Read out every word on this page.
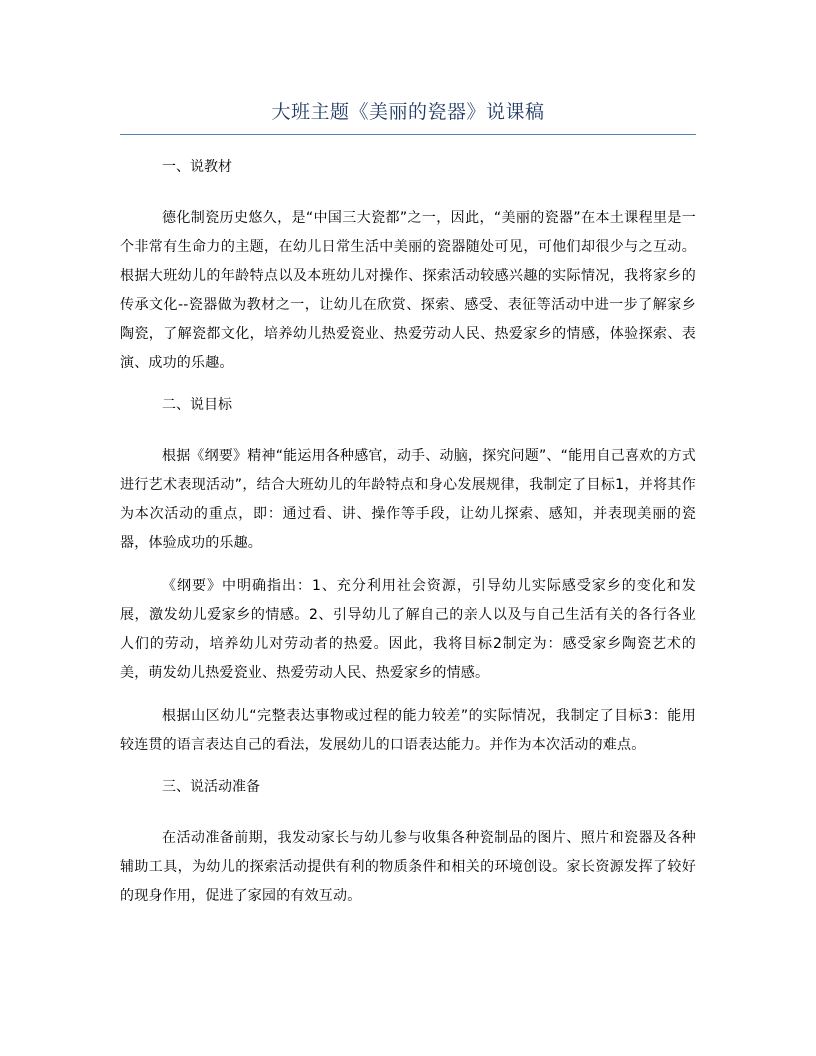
大班主题《美丽的瓷器》说课稿

一、说教材

德化制瓷历史悠久，是“中国三大瓷都”之一，因此，“美丽的瓷器”在本土课程里是一个非常有生命力的主题，在幼儿日常生活中美丽的瓷器随处可见，可他们却很少与之互动。根据大班幼儿的年龄特点以及本班幼儿对操作、探索活动较感兴趣的实际情况，我将家乡的传承文化--瓷器做为教材之一，让幼儿在欣赏、探索、感受、表征等活动中进一步了解家乡陶瓷，了解瓷都文化，培养幼儿热爱瓷业、热爱劳动人民、热爱家乡的情感，体验探索、表演、成功的乐趣。

二、说目标

根据《纲要》精神“能运用各种感官，动手、动脑，探究问题”、“能用自己喜欢的方式进行艺术表现活动”，结合大班幼儿的年龄特点和身心发展规律，我制定了目标1，并将其作为本次活动的重点，即：通过看、讲、操作等手段，让幼儿探索、感知，并表现美丽的瓷器，体验成功的乐趣。

《纲要》中明确指出：1、充分利用社会资源，引导幼儿实际感受家乡的变化和发展，激发幼儿爱家乡的情感。2、引导幼儿了解自己的亲人以及与自己生活有关的各行各业人们的劳动，培养幼儿对劳动者的热爱。因此，我将目标2制定为：感受家乡陶瓷艺术的美，萌发幼儿热爱瓷业、热爱劳动人民、热爱家乡的情感。

根据山区幼儿“完整表达事物或过程的能力较差”的实际情况，我制定了目标3：能用较连贯的语言表达自己的看法，发展幼儿的口语表达能力。并作为本次活动的难点。

三、说活动准备

在活动准备前期，我发动家长与幼儿参与收集各种瓷制品的图片、照片和瓷器及各种辅助工具，为幼儿的探索活动提供有利的物质条件和相关的环境创设。家长资源发挥了较好的现身作用，促进了家园的有效互动。
